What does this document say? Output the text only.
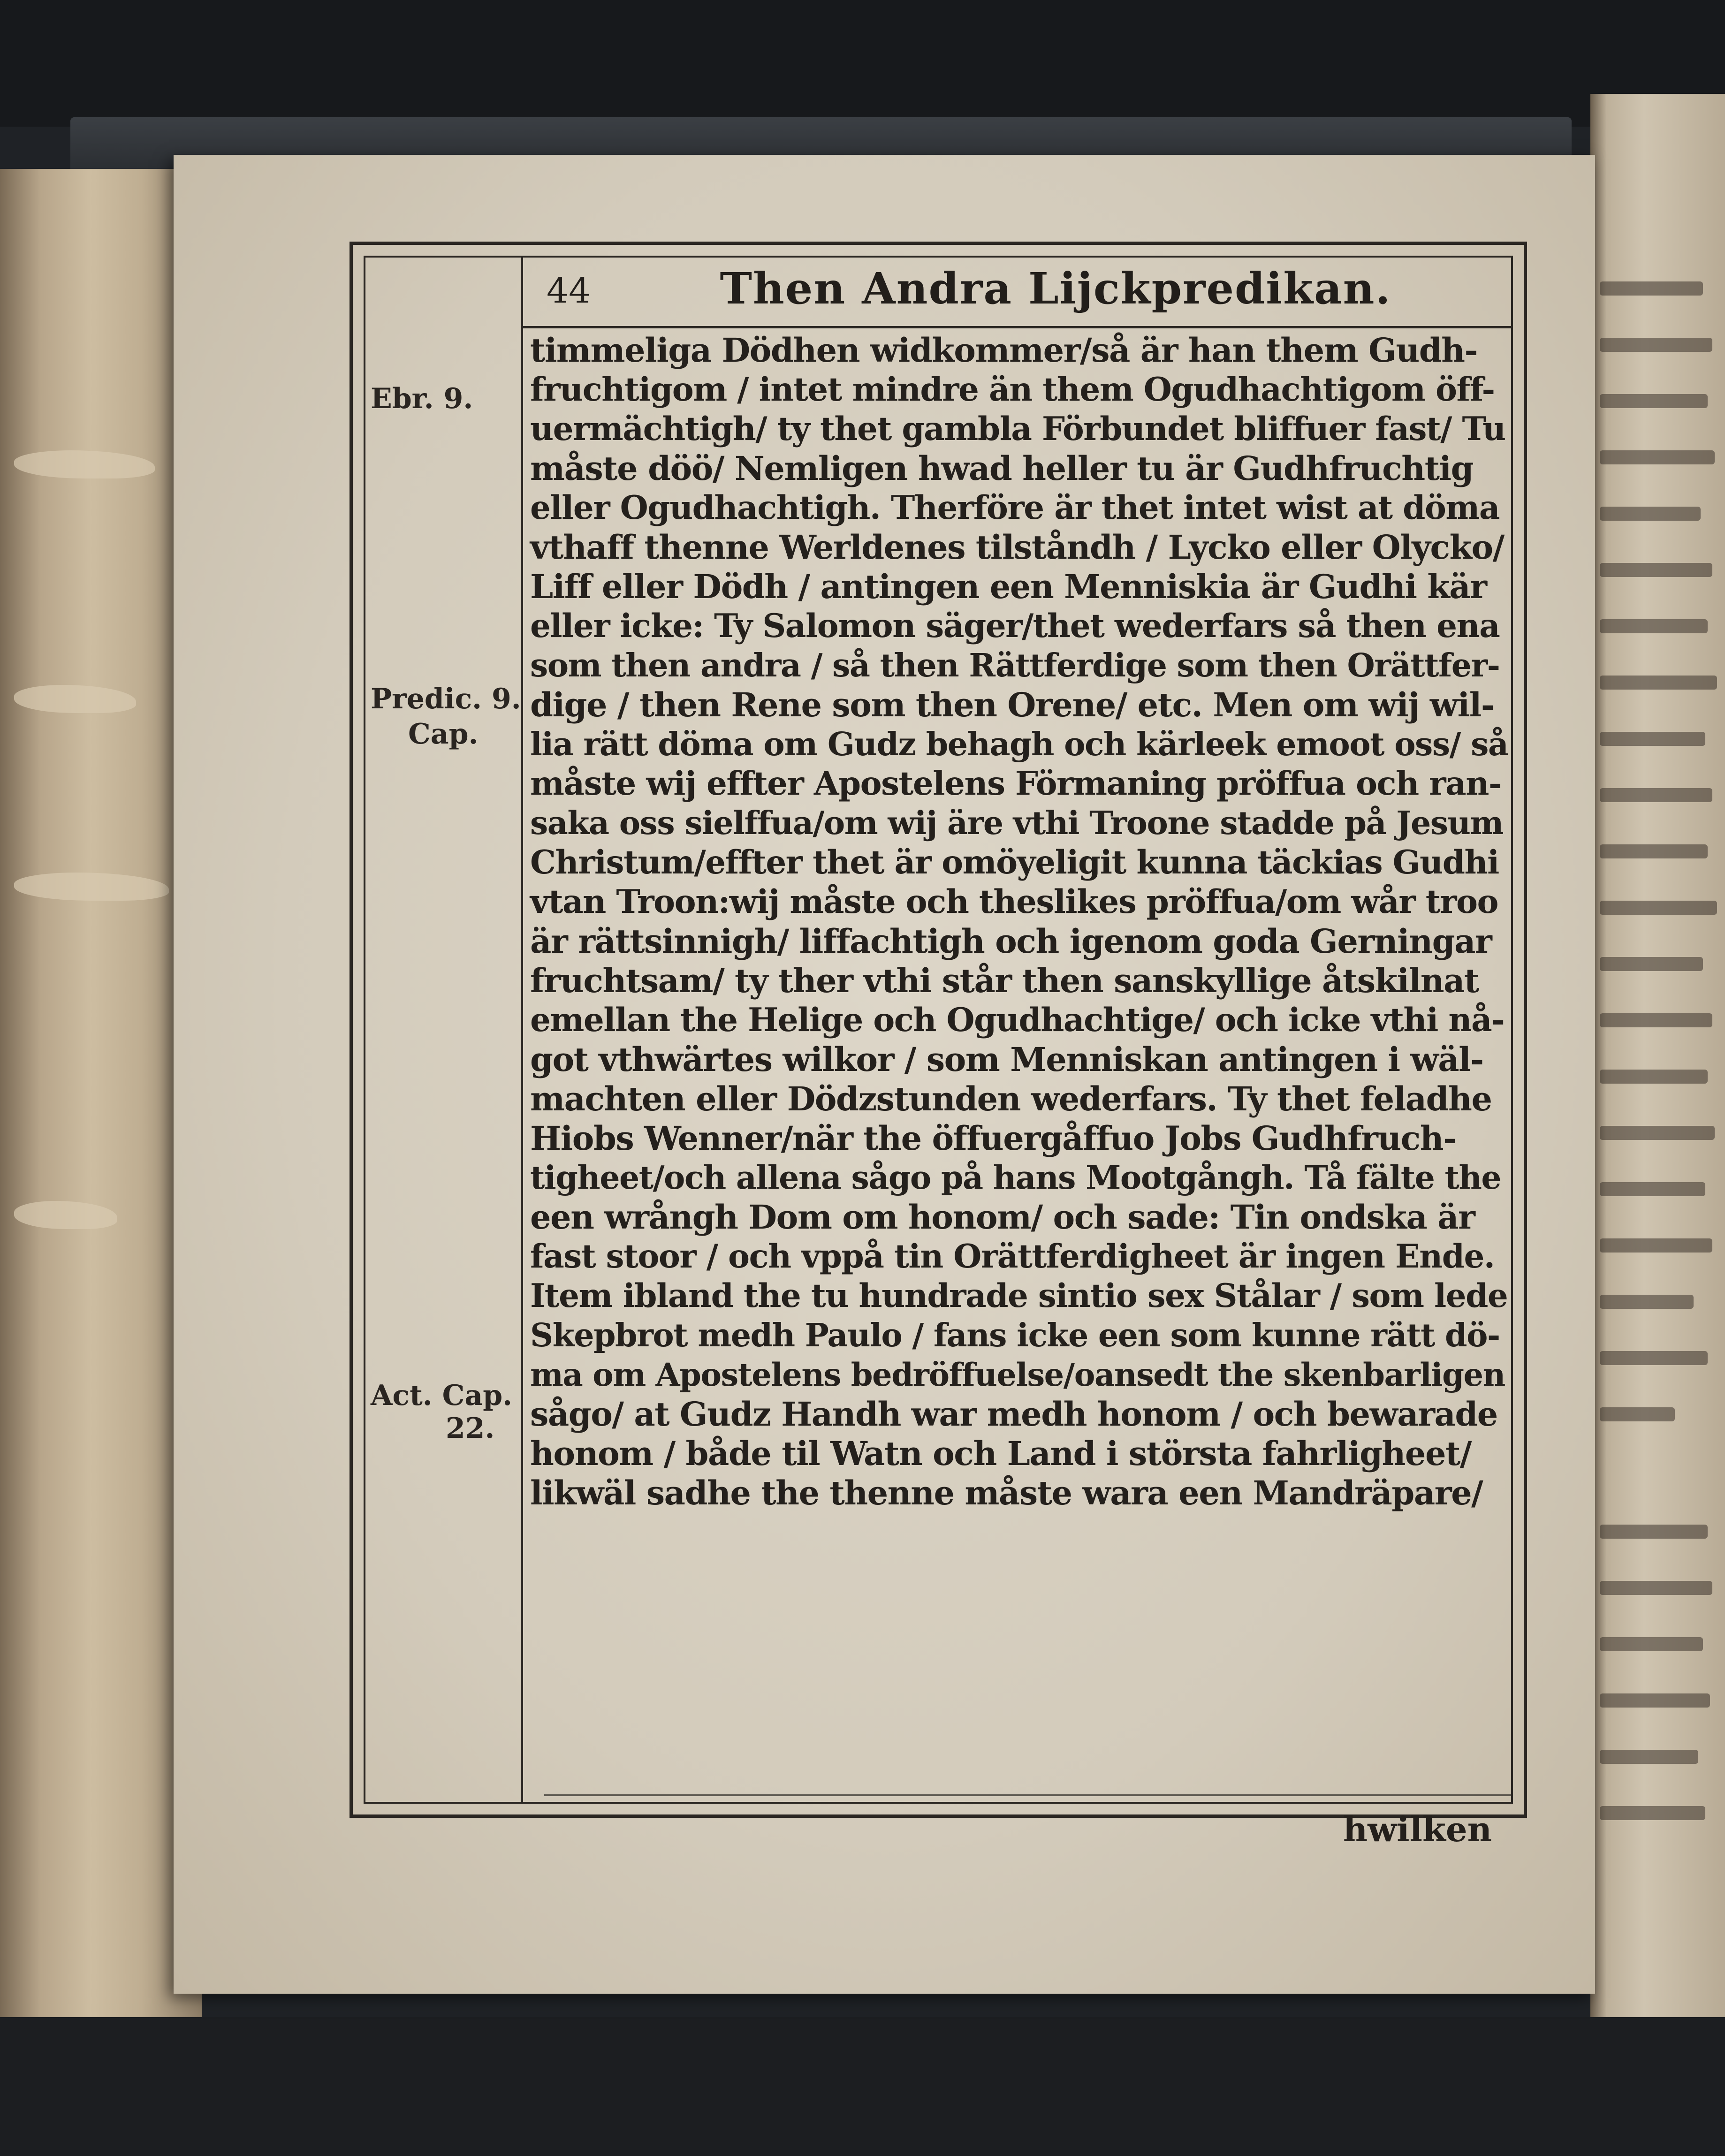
44	Then Andra Lijckpredikan.
Ebr. 9.
Predic. 9.
Cap.
Act. Cap.
22.
timmeliga Dödhen widkommer/så är han them Gudh-
fruchtigom / intet mindre än them Ogudhachtigom öff-
uermächtigh/ ty thet gambla Förbundet bliffuer fast/ Tu
måste döö/ Nemligen hwad heller tu är Gudhfruchtig
eller Ogudhachtigh. Therföre är thet intet wist at döma
vthaff thenne Werldenes tilståndh / Lycko eller Olycko/
Liff eller Dödh / antingen een Menniskia är Gudhi kär
eller icke: Ty Salomon säger/thet wederfars så then ena
som then andra / så then Rättferdige som then Orättfer-
dige / then Rene som then Orene/ etc. Men om wij wil-
lia rätt döma om Gudz behagh och kärleek emoot oss/ så
måste wij effter Apostelens Förmaning pröffua och ran-
saka oss sielffua/om wij äre vthi Troone stadde på Jesum
Christum/effter thet är omöyeligit kunna täckias Gudhi
vtan Troon:wij måste och theslikes pröffua/om wår troo
är rättsinnigh/ liffachtigh och igenom goda Gerningar
fruchtsam/ ty ther vthi står then sanskyllige åtskilnat
emellan the Helige och Ogudhachtige/ och icke vthi nå-
got vthwärtes wilkor / som Menniskan antingen i wäl-
machten eller Dödzstunden wederfars. Ty thet feladhe
Hiobs Wenner/när the öffuergåffuo Jobs Gudhfruch-
tigheet/och allena sågo på hans Mootgångh. Tå fälte the
een wrångh Dom om honom/ och sade: Tin ondska är
fast stoor / och vppå tin Orättferdigheet är ingen Ende.
Item ibland the tu hundrade sintio sex Stålar / som lede
Skepbrot medh Paulo / fans icke een som kunne rätt dö-
ma om Apostelens bedröffuelse/oansedt the skenbarligen
sågo/ at Gudz Handh war medh honom / och bewarade
honom / både til Watn och Land i största fahrligheet/
likwäl sadhe the thenne måste wara een Mandräpare/
hwilken
